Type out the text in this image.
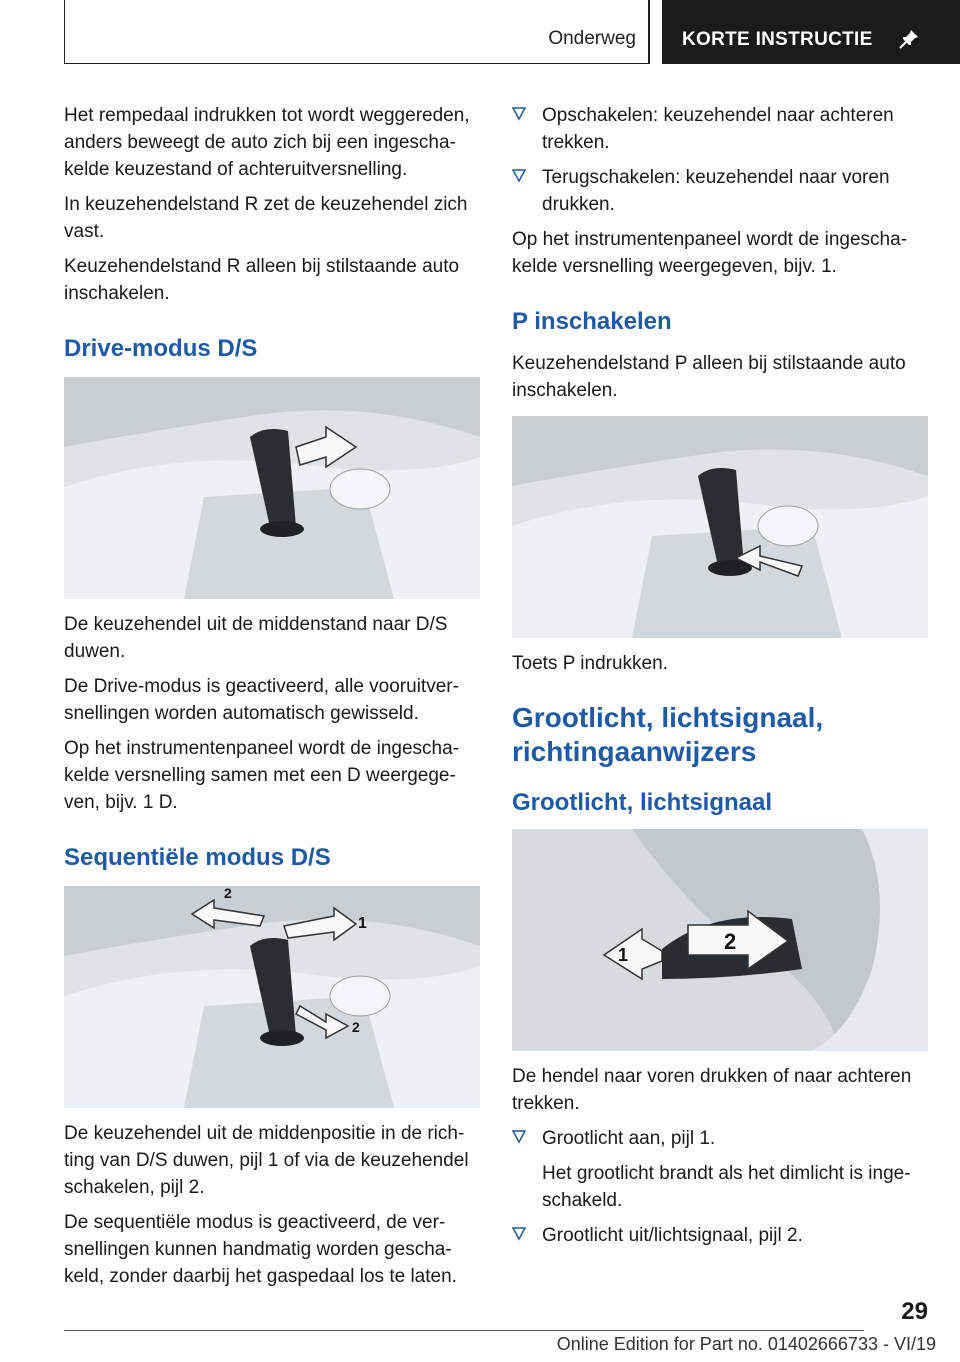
Onderweg KORTE INSTRUCTIE

Het rempedaal indrukken tot wordt weggereden, anders beweegt de auto zich bij een ingeschakelde keuzestand of achteruitversnelling.

In keuzehendelstand R zet de keuzehendel zich vast.

Keuzehendelstand R alleen bij stilstaande auto inschakelen.

Drive-modus D/S

De keuzehendel uit de middenstand naar D/S duwen.

De Drive-modus is geactiveerd, alle vooruitversnellingen worden automatisch gewisseld.

Op het instrumentenpaneel wordt de ingeschakelde versnelling samen met een D weergegeven, bijv. 1 D.

Sequentiële modus D/S
1
2
2

De keuzehendel uit de middenpositie in de richting van D/S duwen, pijl 1 of via de keuzehendel schakelen, pijl 2.

De sequentiële modus is geactiveerd, de versnellingen kunnen handmatig worden geschakeld, zonder daarbij het gaspedaal los te laten.

Opschakelen: keuzehendel naar achteren trekken.
Terugschakelen: keuzehendel naar voren drukken.

Op het instrumentenpaneel wordt de ingeschakelde versnelling weergegeven, bijv. 1.

P inschakelen

Keuzehendelstand P alleen bij stilstaande auto inschakelen.

Toets P indrukken.

Grootlicht, lichtsignaal, richtingaanwijzers
Grootlicht, lichtsignaal
1
2

De hendel naar voren drukken of naar achteren trekken.

Grootlicht aan, pijl 1.
Het grootlicht brandt als het dimlicht is ingeschakeld.
Grootlicht uit/lichtsignaal, pijl 2.
29
Online Edition for Part no. 01402666733 - VI/19
